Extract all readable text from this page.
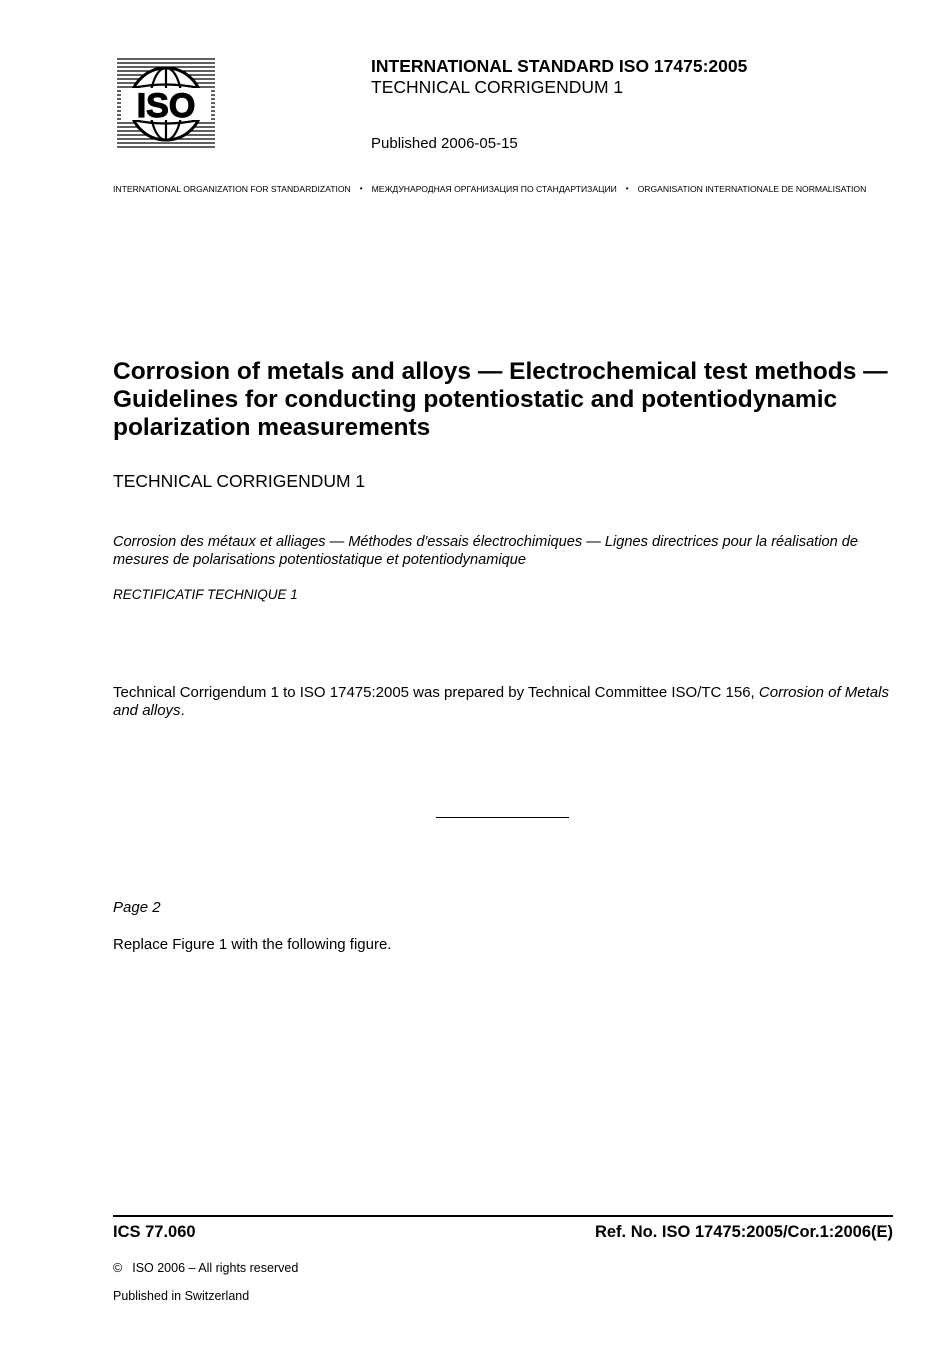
ISO
INTERNATIONAL STANDARD ISO 17475:2005
TECHNICAL CORRIGENDUM 1
Published 2006-05-15
INTERNATIONAL ORGANIZATION FOR STANDARDIZATION • МЕЖДУНАРОДНАЯ ОРГАНИЗАЦИЯ ПО СТАНДАРТИЗАЦИИ • ORGANISATION INTERNATIONALE DE NORMALISATION
Corrosion of metals and alloys — Electrochemical test methods — Guidelines for conducting potentiostatic and potentiodynamic polarization measurements
TECHNICAL CORRIGENDUM 1
Corrosion des métaux et alliages — Méthodes d'essais électrochimiques — Lignes directrices pour la réalisation de mesures de polarisations potentiostatique et potentiodynamique
RECTIFICATIF TECHNIQUE 1
Technical Corrigendum 1 to ISO 17475:2005 was prepared by Technical Committee ISO/TC 156, Corrosion of Metals and alloys.
Page 2
Replace Figure 1 with the following figure.
ICS 77.060	Ref. No. ISO 17475:2005/Cor.1:2006(E)
© ISO 2006 – All rights reserved
Published in Switzerland
